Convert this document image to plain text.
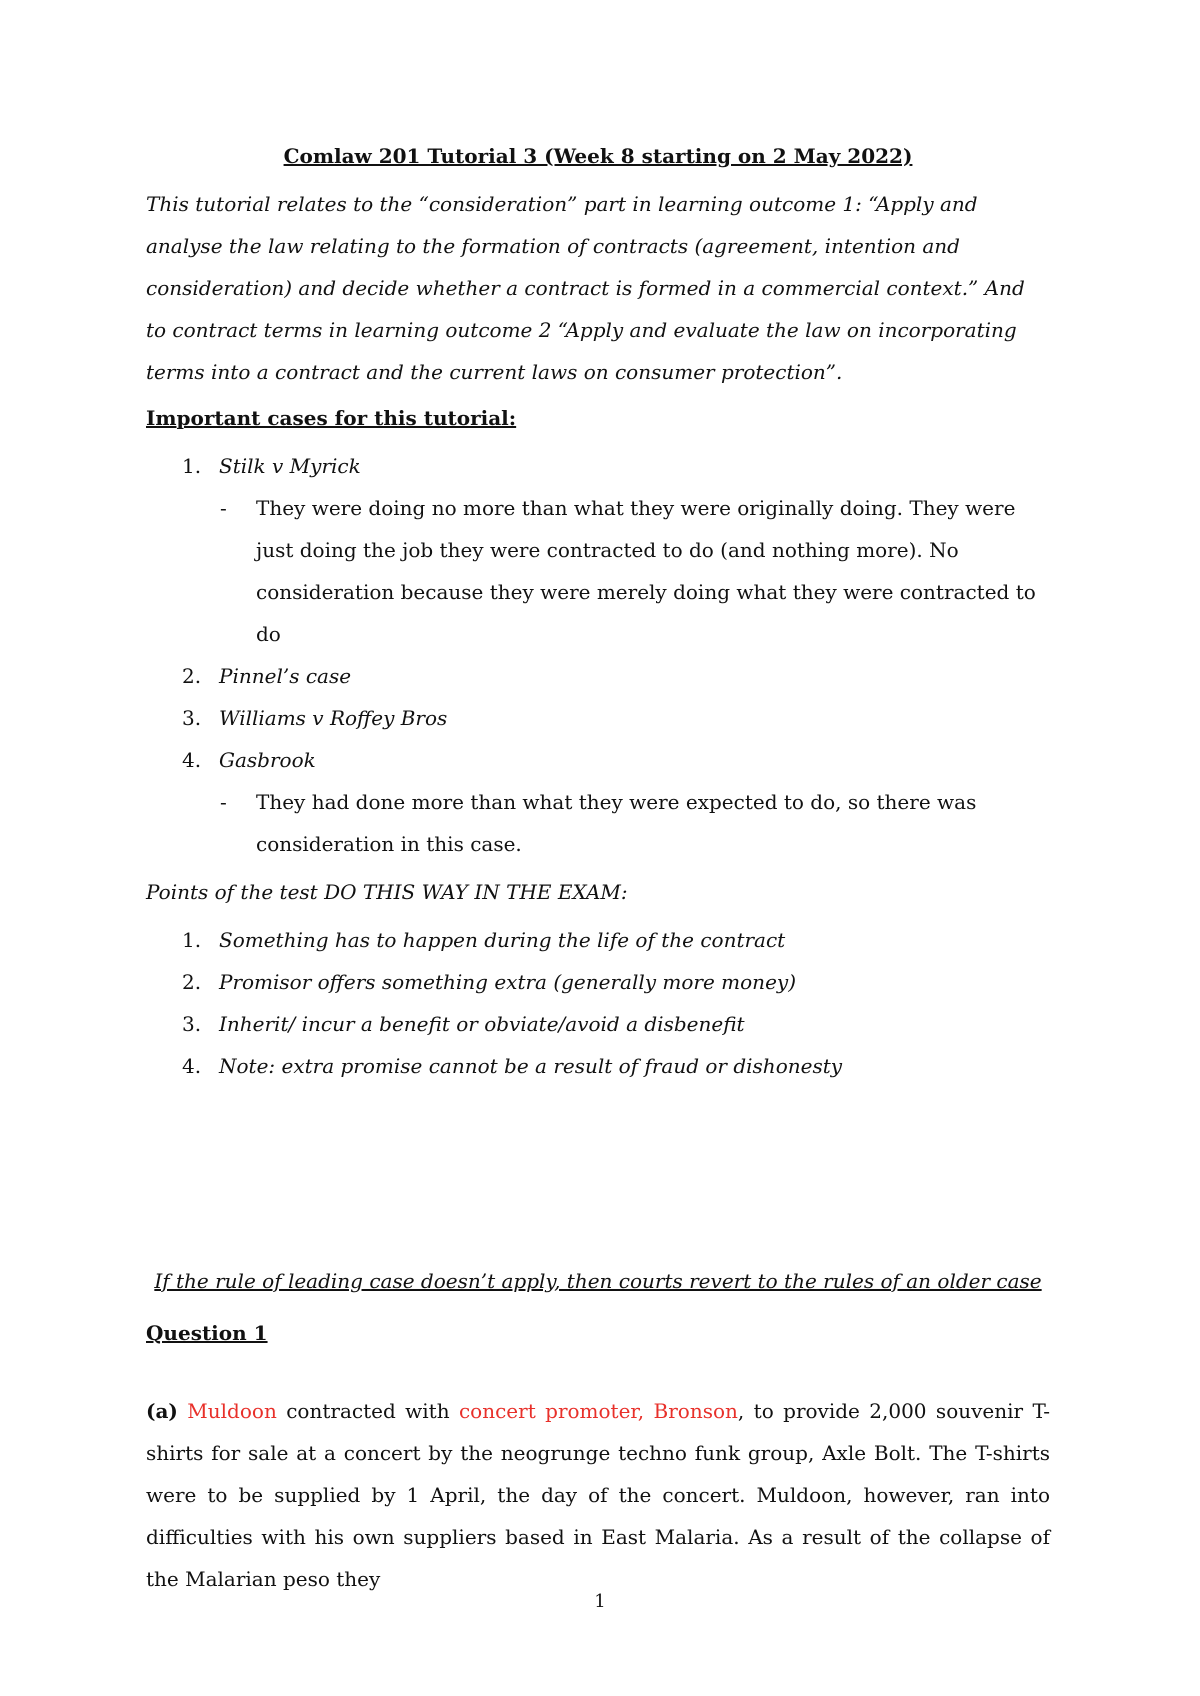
Comlaw 201 Tutorial 3 (Week 8 starting on 2 May 2022)

This tutorial relates to the “consideration” part in learning outcome 1: “Apply and analyse the law relating to the formation of contracts (agreement, intention and consideration) and decide whether a contract is formed in a commercial context.” And to contract terms in learning outcome 2 “Apply and evaluate the law on incorporating terms into a contract and the current laws on consumer protection”.

Important cases for this tutorial:
1. Stilk v Myrick
- They were doing no more than what they were originally doing. They were just doing the job they were contracted to do (and nothing more). No consideration because they were merely doing what they were contracted to do
2. Pinnel’s case
3. Williams v Roffey Bros
4. Gasbrook
- They had done more than what they were expected to do, so there was consideration in this case.
Points of the test DO THIS WAY IN THE EXAM:
1. Something has to happen during the life of the contract
2. Promisor offers something extra (generally more money)
3. Inherit/ incur a benefit or obviate/avoid a disbenefit
4. Note: extra promise cannot be a result of fraud or dishonesty
If the rule of leading case doesn’t apply, then courts revert to the rules of an older case
Question 1

(a) Muldoon contracted with concert promoter, Bronson, to provide 2,000 souvenir T-shirts for sale at a concert by the neogrunge techno funk group, Axle Bolt. The T-shirts were to be supplied by 1 April, the day of the concert. Muldoon, however, ran into difficulties with his own suppliers based in East Malaria. As a result of the collapse of the Malarian peso they

1
